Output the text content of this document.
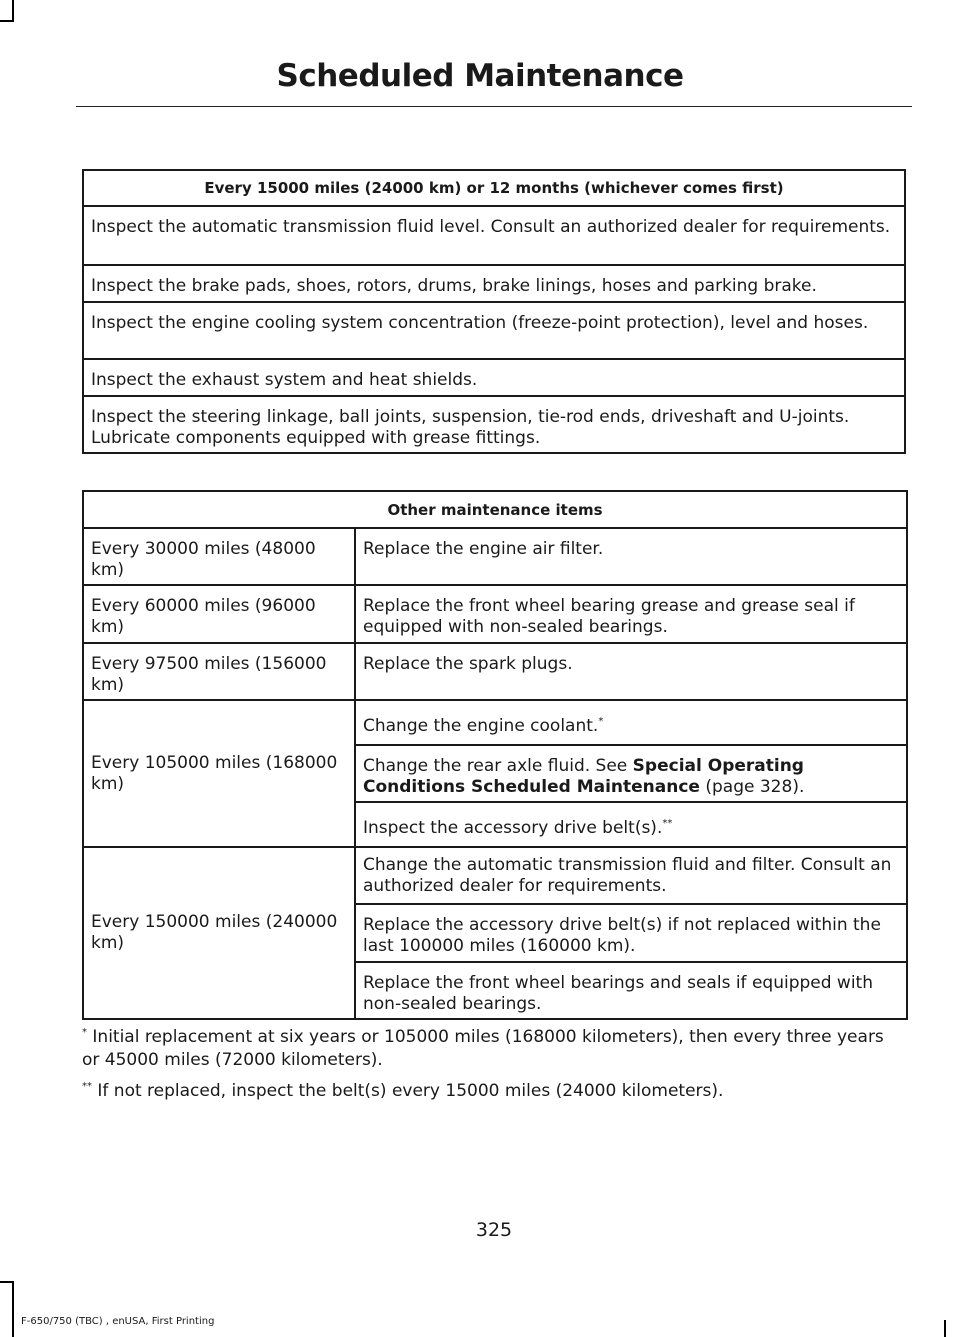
Scheduled Maintenance
Every 15000 miles (24000 km) or 12 months (whichever comes first)
Inspect the automatic transmission fluid level. Consult an authorized dealer for requirements.
Inspect the brake pads, shoes, rotors, drums, brake linings, hoses and parking brake.
Inspect the engine cooling system concentration (freeze-point protection), level and hoses.
Inspect the exhaust system and heat shields.
Inspect the steering linkage, ball joints, suspension, tie-rod ends, driveshaft and U-joints. Lubricate components equipped with grease fittings.
Other maintenance items	
Every 30000 miles (48000 km)	Replace the engine air filter.
Every 60000 miles (96000 km)	Replace the front wheel bearing grease and grease seal if equipped with non-sealed bearings.
Every 97500 miles (156000 km)	Replace the spark plugs.
Every 105000 miles (168000 km)	Change the engine coolant.*
	Change the rear axle fluid. See Special Operating Conditions Scheduled Maintenance (page 328).
	Inspect the accessory drive belt(s).**
Every 150000 miles (240000 km)	Change the automatic transmission fluid and filter. Consult an authorized dealer for requirements.
	Replace the accessory drive belt(s) if not replaced within the last 100000 miles (160000 km).
	Replace the front wheel bearings and seals if equipped with non-sealed bearings.
* Initial replacement at six years or 105000 miles (168000 kilometers), then every three years or 45000 miles (72000 kilometers).
** If not replaced, inspect the belt(s) every 15000 miles (24000 kilometers).
325
F-650/750 (TBC) , enUSA, First Printing
